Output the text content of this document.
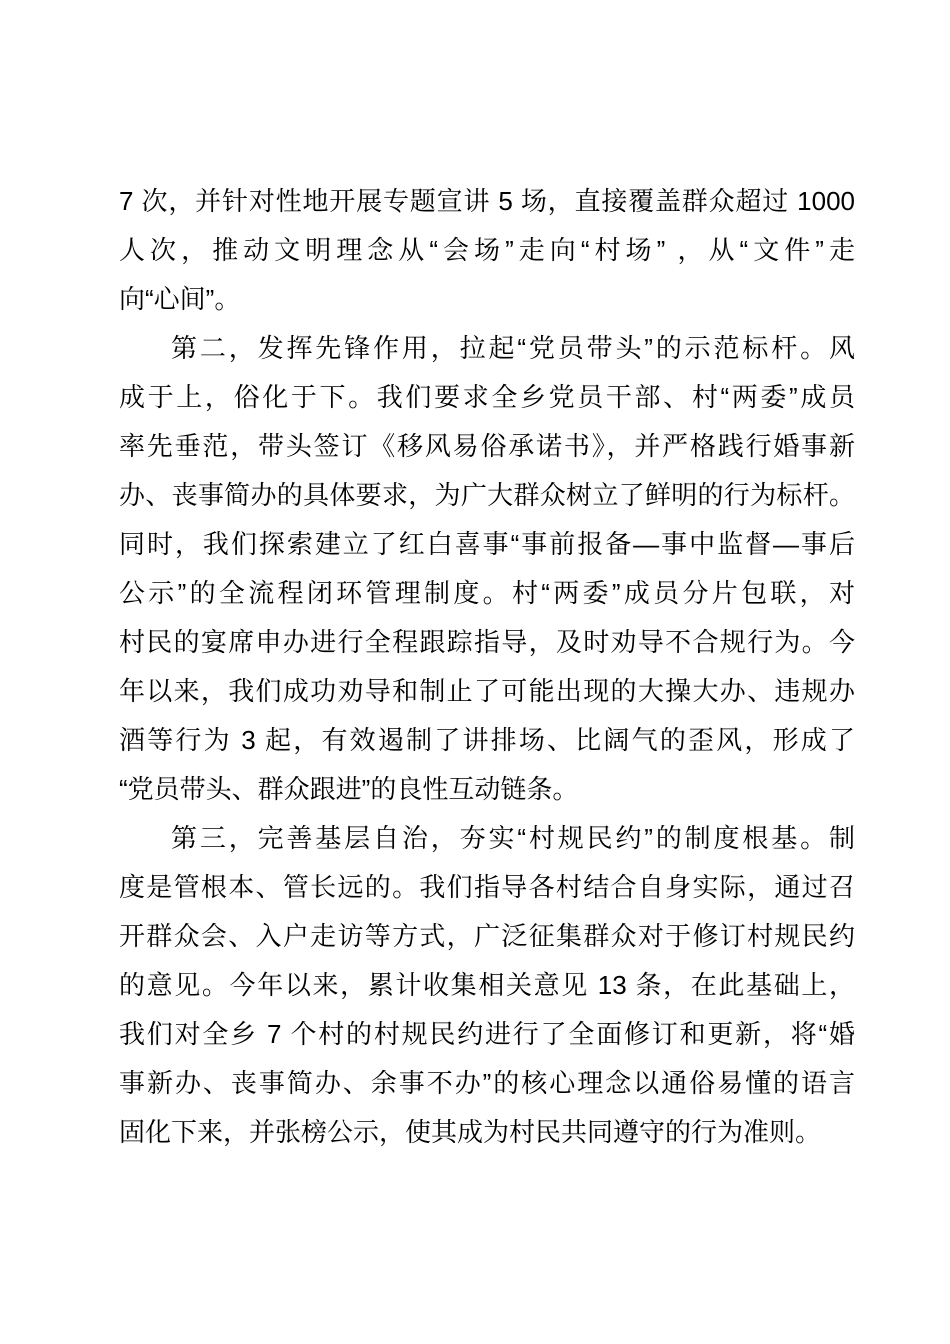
7 次，并针对性地开展专题宣讲 5 场，直接覆盖群众超过 1000
人次，推动文明理念从“会场”走向“村场” ，从“文件”走
向“心间”。
第二，发挥先锋作用，拉起“党员带头”的示范标杆。风
成于上，俗化于下。我们要求全乡党员干部、村“两委”成员
率先垂范，带头签订《移风易俗承诺书》，并严格践行婚事新
办、丧事简办的具体要求，为广大群众树立了鲜明的行为标杆。
同时，我们探索建立了红白喜事“事前报备—事中监督—事后
公示”的全流程闭环管理制度。村“两委”成员分片包联，对
村民的宴席申办进行全程跟踪指导，及时劝导不合规行为。今
年以来，我们成功劝导和制止了可能出现的大操大办、违规办
酒等行为 3 起，有效遏制了讲排场、比阔气的歪风，形成了
“党员带头、群众跟进”的良性互动链条。
第三，完善基层自治，夯实“村规民约”的制度根基。制
度是管根本、管长远的。我们指导各村结合自身实际，通过召
开群众会、入户走访等方式，广泛征集群众对于修订村规民约
的意见。今年以来，累计收集相关意见 13 条，在此基础上，
我们对全乡 7 个村的村规民约进行了全面修订和更新，将“婚
事新办、丧事简办、余事不办”的核心理念以通俗易懂的语言
固化下来，并张榜公示，使其成为村民共同遵守的行为准则。
